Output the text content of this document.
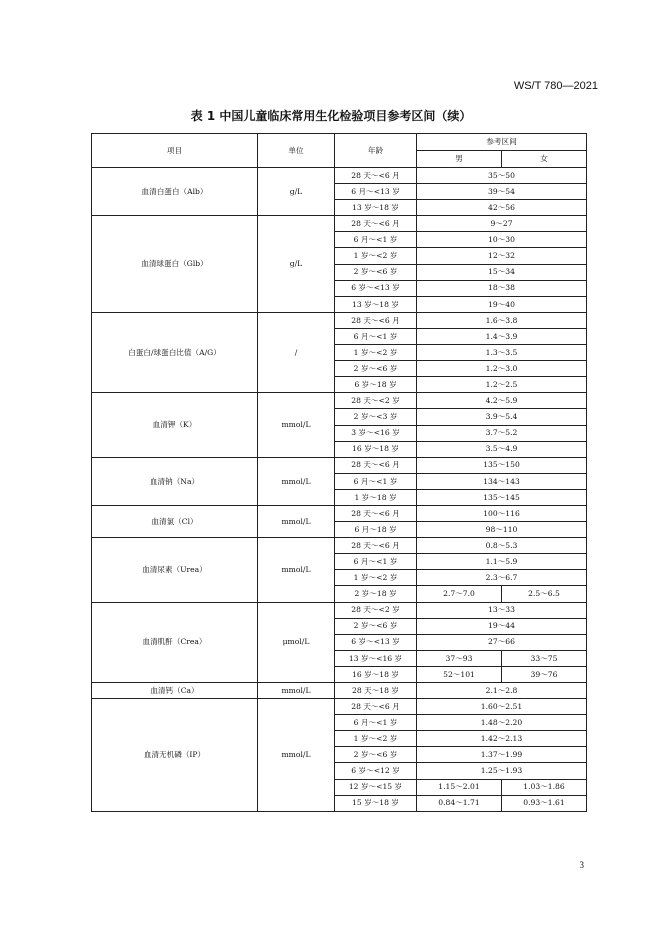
WS/T 780—2021
表 1 中国儿童临床常用生化检验项目参考区间（续）
项目	单位	年龄	参考区间	
			男	女
血清白蛋白（Alb）	g/L	28 天～<6 月	35～50	
		6 月～<13 岁	39～54	
		13 岁～18 岁	42～56	
血清球蛋白（Glb）	g/L	28 天～<6 月	9～27	
		6 月～<1 岁	10～30	
		1 岁～<2 岁	12～32	
		2 岁～<6 岁	15～34	
		6 岁～<13 岁	18～38	
		13 岁～18 岁	19～40	
白蛋白/球蛋白比值（A/G）	/	28 天～<6 月	1.6～3.8	
		6 月～<1 岁	1.4～3.9	
		1 岁～<2 岁	1.3～3.5	
		2 岁～<6 岁	1.2～3.0	
		6 岁～18 岁	1.2～2.5	
血清钾（K）	mmol/L	28 天～<2 岁	4.2～5.9	
		2 岁～<3 岁	3.9～5.4	
		3 岁～<16 岁	3.7～5.2	
		16 岁～18 岁	3.5～4.9	
血清钠（Na）	mmol/L	28 天～<6 月	135～150	
		6 月～<1 岁	134～143	
		1 岁～18 岁	135～145	
血清氯（Cl）	mmol/L	28 天～<6 月	100～116	
		6 月～18 岁	98～110	
血清尿素（Urea）	mmol/L	28 天～<6 月	0.8～5.3	
		6 月～<1 岁	1.1～5.9	
		1 岁～<2 岁	2.3～6.7	
		2 岁～18 岁	2.7～7.0	2.5～6.5
血清肌酐（Crea）	μmol/L	28 天～<2 岁	13～33	
		2 岁～<6 岁	19～44	
		6 岁～<13 岁	27～66	
		13 岁～<16 岁	37～93	33～75
		16 岁～18 岁	52～101	39～76
血清钙（Ca）	mmol/L	28 天～18 岁	2.1～2.8	
血清无机磷（IP）	mmol/L	28 天～<6 月	1.60～2.51	
		6 月～<1 岁	1.48～2.20	
		1 岁～<2 岁	1.42～2.13	
		2 岁～<6 岁	1.37～1.99	
		6 岁～<12 岁	1.25～1.93	
		12 岁～<15 岁	1.15～2.01	1.03～1.86
		15 岁～18 岁	0.84～1.71	0.93～1.61
3
